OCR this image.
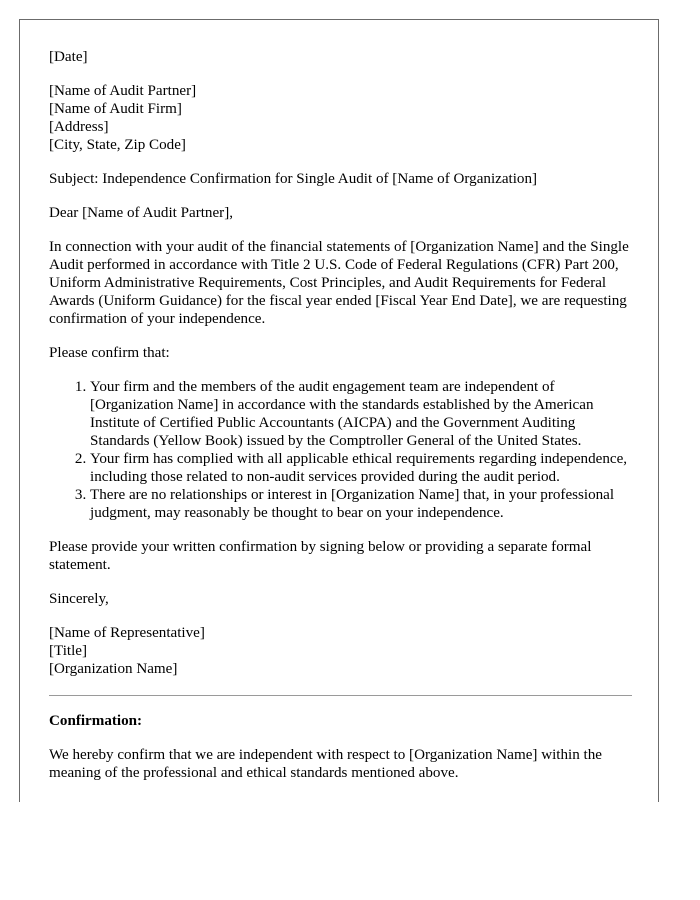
[Date]
[Name of Audit Partner]
[Name of Audit Firm]
[Address]
[City, State, Zip Code]

Subject: Independence Confirmation for Single Audit of [Name of Organization]

Dear [Name of Audit Partner],

In connection with your audit of the financial statements of [Organization Name] and the Single Audit performed in accordance with Title 2 U.S. Code of Federal Regulations (CFR) Part 200, Uniform Administrative Requirements, Cost Principles, and Audit Requirements for Federal Awards (Uniform Guidance) for the fiscal year ended [Fiscal Year End Date], we are requesting confirmation of your independence.

Please confirm that:

1. Your firm and the members of the audit engagement team are independent of [Organization Name] in accordance with the standards established by the American Institute of Certified Public Accountants (AICPA) and the Government Auditing Standards (Yellow Book) issued by the Comptroller General of the United States.
2. Your firm has complied with all applicable ethical requirements regarding independence, including those related to non-audit services provided during the audit period.
3. There are no relationships or interest in [Organization Name] that, in your professional judgment, may reasonably be thought to bear on your independence.

Please provide your written confirmation by signing below or providing a separate formal statement.

Sincerely,

[Name of Representative]
[Title]
[Organization Name]

Confirmation:

We hereby confirm that we are independent with respect to [Organization Name] within the meaning of the professional and ethical standards mentioned above.
